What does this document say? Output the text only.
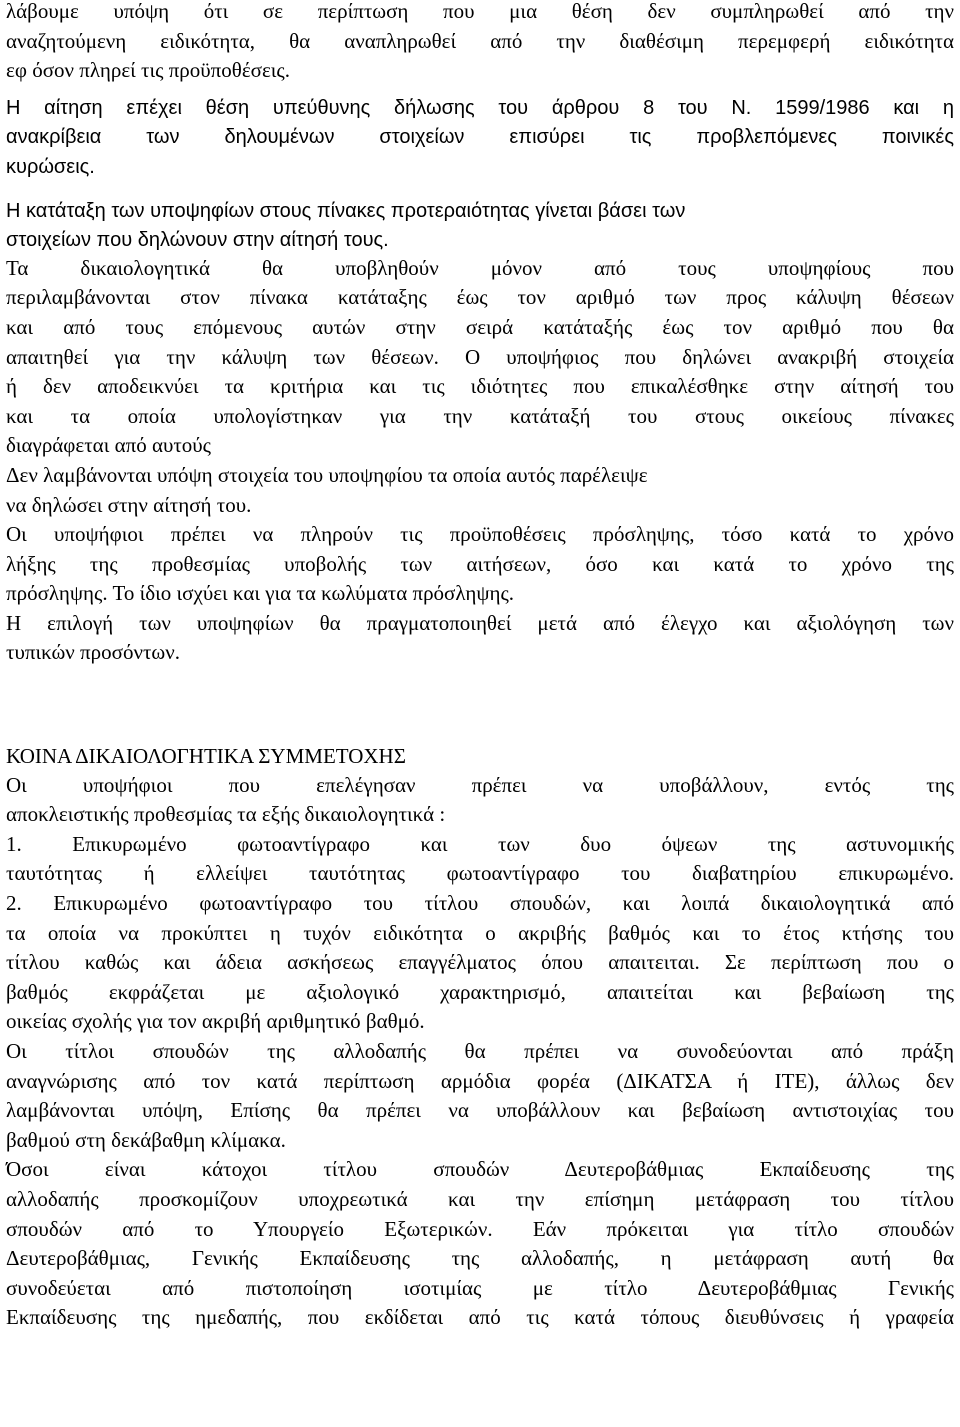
λάβουμε υπόψη ότι σε περίπτωση που μια θέση δεν συμπληρωθεί από την
αναζητούμενη ειδικότητα, θα αναπληρωθεί από την διαθέσιμη περεμφερή ειδικότητα
εφ όσον πληρεί τις προϋποθέσεις.
Η αίτηση επέχει θέση υπεύθυνης δήλωσης του άρθρου 8 του Ν. 1599/1986 και η
ανακρίβεια των δηλουμένων στοιχείων επισύρει τις προβλεπόμενες ποινικές
κυρώσεις.
Η κατάταξη των υποψηφίων στους πίνακες προτεραιότητας γίνεται βάσει των
στοιχείων που δηλώνουν στην αίτησή τους.
Τα δικαιολογητικά θα υποβληθούν μόνον από τους υποψηφίους που
περιλαμβάνονται στον πίνακα κατάταξης έως τον αριθμό των προς κάλυψη θέσεων
και από τους επόμενους αυτών στην σειρά κατάταξής έως τον αριθμό που θα
απαιτηθεί για την κάλυψη των θέσεων. Ο υποψήφιος που δηλώνει ανακριβή στοιχεία
ή δεν αποδεικνύει τα κριτήρια και τις ιδιότητες που επικαλέσθηκε στην αίτησή του
και τα οποία υπολογίστηκαν για την κατάταξή του στους οικείους πίνακες
διαγράφεται από αυτούς
Δεν λαμβάνονται υπόψη στοιχεία του υποψηφίου τα οποία αυτός παρέλειψε
να δηλώσει στην αίτησή του.
Οι υποψήφιοι πρέπει να πληρούν τις προϋποθέσεις πρόσληψης, τόσο κατά το χρόνο
λήξης της προθεσμίας υποβολής των αιτήσεων, όσο και κατά το χρόνο της
πρόσληψης. Το ίδιο ισχύει και για τα κωλύματα πρόσληψης.
Η επιλογή των υποψηφίων θα πραγματοποιηθεί μετά από έλεγχο και αξιολόγηση των
τυπικών προσόντων.
ΚΟΙΝΑ ΔΙΚΑΙΟΛΟΓΗΤΙΚΑ ΣΥΜΜΕΤΟΧΗΣ
Οι υποψήφιοι που επελέγησαν πρέπει να υποβάλλουν, εντός της
αποκλειστικής προθεσμίας τα εξής δικαιολογητικά :
1. Επικυρωμένο φωτοαντίγραφο και των δυο όψεων της αστυνομικής
ταυτότητας ή ελλείψει ταυτότητας φωτοαντίγραφο του διαβατηρίου επικυρωμένο.
2. Επικυρωμένο φωτοαντίγραφο του τίτλου σπουδών, και λοιπά δικαιολογητικά από
τα οποία να προκύπτει η τυχόν ειδικότητα ο ακριβής βαθμός και το έτος κτήσης του
τίτλου καθώς και άδεια ασκήσεως επαγγέλματος όπου απαιτειται. Σε περίπτωση που ο
βαθμός εκφράζεται με αξιολογικό χαρακτηρισμό, απαιτείται και βεβαίωση της
οικείας σχολής για τον ακριβή αριθμητικό βαθμό.
Οι τίτλοι σπουδών της αλλοδαπής θα πρέπει να συνοδεύονται από πράξη
αναγνώρισης από τον κατά περίπτωση αρμόδια φορέα (ΔΙΚΑΤΣΑ ή ΙΤΕ), άλλως δεν
λαμβάνονται υπόψη, Επίσης θα πρέπει να υποβάλλουν και βεβαίωση αντιστοιχίας του
βαθμού στη δεκάβαθμη κλίμακα.
Όσοι είναι κάτοχοι τίτλου σπουδών Δευτεροβάθμιας Εκπαίδευσης της
αλλοδαπής προσκομίζουν υποχρεωτικά και την επίσημη μετάφραση του τίτλου
σπουδών από το Υπουργείο Εξωτερικών. Εάν πρόκειται για τίτλο σπουδών
Δευτεροβάθμιας, Γενικής Εκπαίδευσης της αλλοδαπής, η μετάφραση αυτή θα
συνοδεύεται από πιστοποίηση ισοτιμίας με τίτλο Δευτεροβάθμιας Γενικής
Εκπαίδευσης της ημεδαπής, που εκδίδεται από τις κατά τόπους διευθύνσεις ή γραφεία
